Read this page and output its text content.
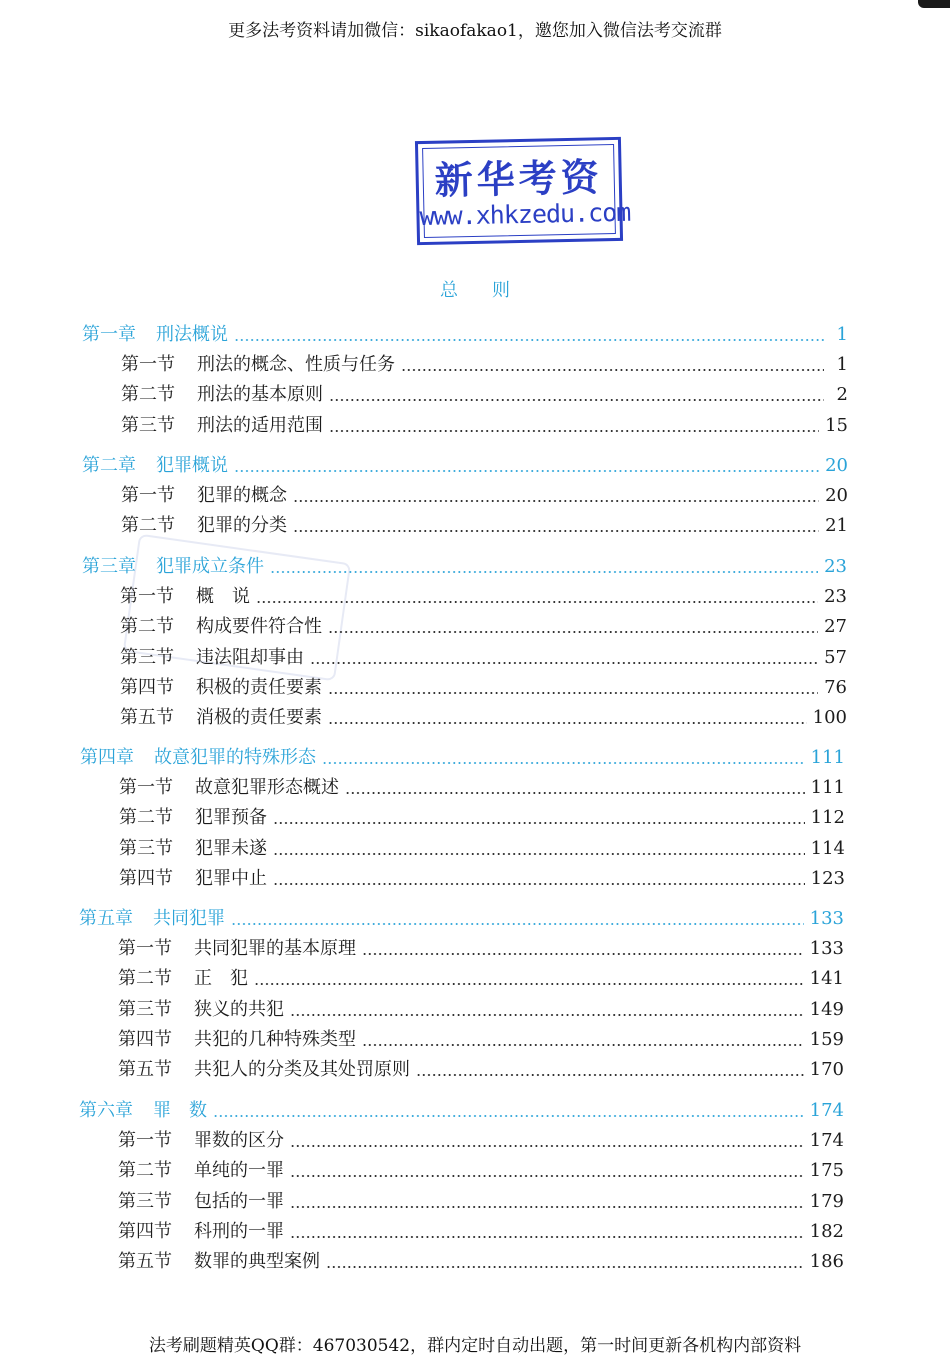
更多法考资料请加微信：sikaofakao1，邀您加入微信法考交流群
新华考资
www.xhkzedu.com
总则
第一章 刑法概说	1
第一节 刑法的概念、性质与任务	1
第二节 刑法的基本原则	2
第三节 刑法的适用范围	15
第二章 犯罪概说	20
第一节 犯罪的概念	20
第二节 犯罪的分类	21
第三章 犯罪成立条件	23
第一节 概　说	23
第二节 构成要件符合性	27
第三节 违法阻却事由	57
第四节 积极的责任要素	76
第五节 消极的责任要素	100
第四章 故意犯罪的特殊形态	111
第一节 故意犯罪形态概述	111
第二节 犯罪预备	112
第三节 犯罪未遂	114
第四节 犯罪中止	123
第五章 共同犯罪	133
第一节 共同犯罪的基本原理	133
第二节 正　犯	141
第三节 狭义的共犯	149
第四节 共犯的几种特殊类型	159
第五节 共犯人的分类及其处罚原则	170
第六章 罪　数	174
第一节 罪数的区分	174
第二节 单纯的一罪	175
第三节 包括的一罪	179
第四节 科刑的一罪	182
第五节 数罪的典型案例	186
法考刷题精英QQ群：467030542，群内定时自动出题，第一时间更新各机构内部资料
